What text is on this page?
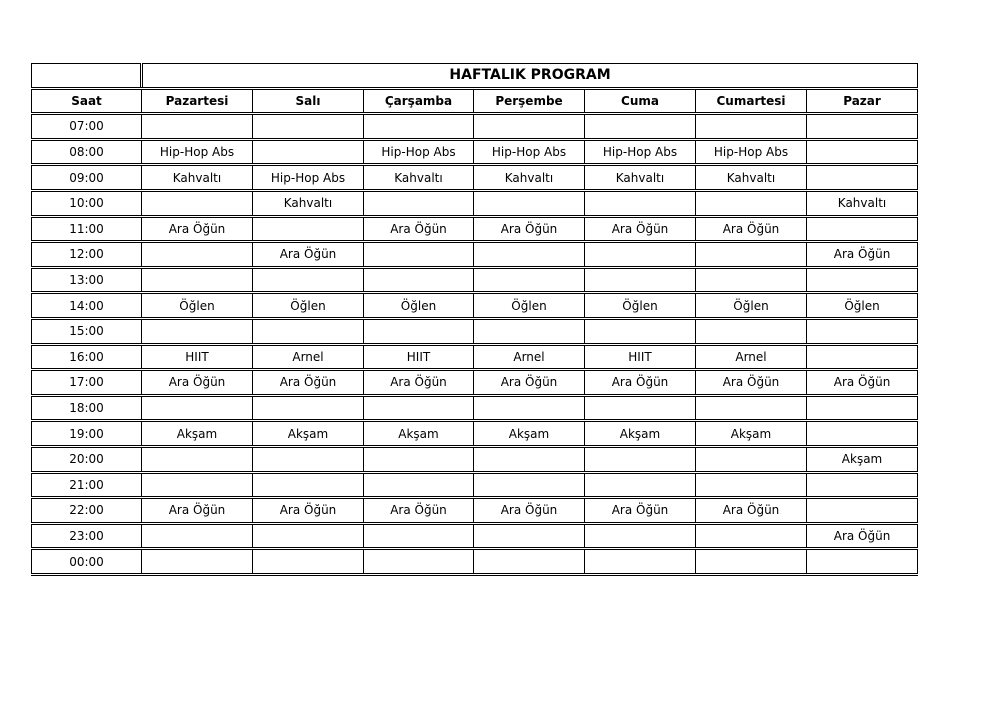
	HAFTALIK PROGRAM						
Saat	Pazartesi	Salı	Çarşamba	Perşembe	Cuma	Cumartesi	Pazar
07:00							
08:00	Hip-Hop Abs		Hip-Hop Abs	Hip-Hop Abs	Hip-Hop Abs	Hip-Hop Abs	
09:00	Kahvaltı	Hip-Hop Abs	Kahvaltı	Kahvaltı	Kahvaltı	Kahvaltı	
10:00		Kahvaltı					Kahvaltı
11:00	Ara Öğün		Ara Öğün	Ara Öğün	Ara Öğün	Ara Öğün	
12:00		Ara Öğün					Ara Öğün
13:00							
14:00	Öğlen	Öğlen	Öğlen	Öğlen	Öğlen	Öğlen	Öğlen
15:00							
16:00	HIIT	Arnel	HIIT	Arnel	HIIT	Arnel	
17:00	Ara Öğün	Ara Öğün	Ara Öğün	Ara Öğün	Ara Öğün	Ara Öğün	Ara Öğün
18:00							
19:00	Akşam	Akşam	Akşam	Akşam	Akşam	Akşam	
20:00							Akşam
21:00							
22:00	Ara Öğün	Ara Öğün	Ara Öğün	Ara Öğün	Ara Öğün	Ara Öğün	
23:00							Ara Öğün
00:00							
